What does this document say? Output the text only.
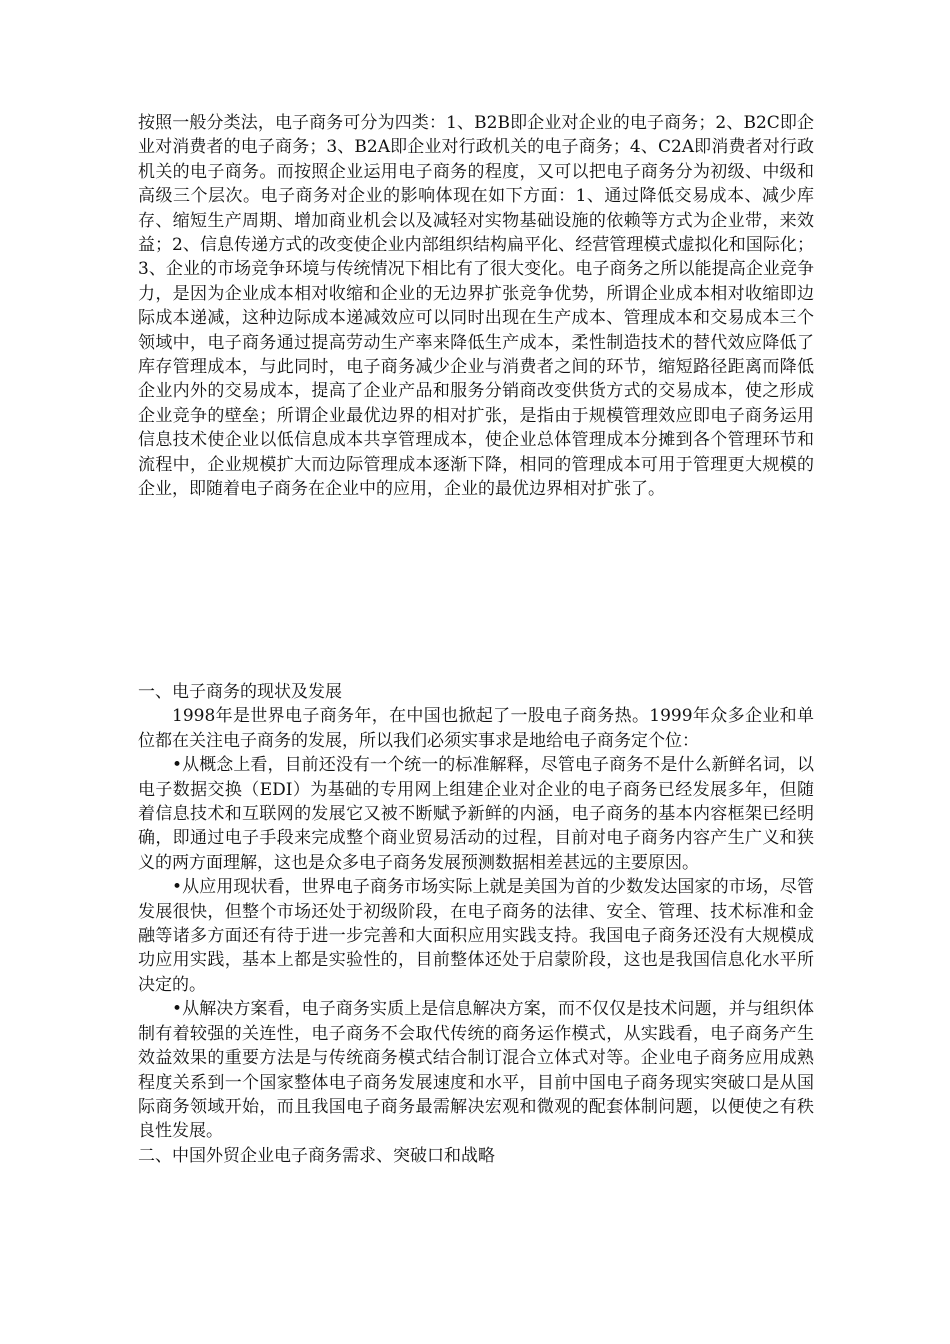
按照一般分类法，电子商务可分为四类：1、B2B即企业对企业的电子商务；2、B2C即企业对消费者的电子商务；3、B2A即企业对行政机关的电子商务；4、C2A即消费者对行政机关的电子商务。而按照企业运用电子商务的程度，又可以把电子商务分为初级、中级和高级三个层次。电子商务对企业的影响体现在如下方面：1、通过降低交易成本、减少库存、缩短生产周期、增加商业机会以及减轻对实物基础设施的依赖等方式为企业带，来效益；2、信息传递方式的改变使企业内部组织结构扁平化、经营管理模式虚拟化和国际化；3、企业的市场竞争环境与传统情况下相比有了很大变化。电子商务之所以能提高企业竞争力，是因为企业成本相对收缩和企业的无边界扩张竞争优势，所谓企业成本相对收缩即边际成本递减，这种边际成本递减效应可以同时出现在生产成本、管理成本和交易成本三个领域中，电子商务通过提高劳动生产率来降低生产成本，柔性制造技术的替代效应降低了库存管理成本，与此同时，电子商务减少企业与消费者之间的环节，缩短路径距离而降低企业内外的交易成本，提高了企业产品和服务分销商改变供货方式的交易成本，使之形成企业竞争的壁垒；所谓企业最优边界的相对扩张，是指由于规模管理效应即电子商务运用信息技术使企业以低信息成本共享管理成本，使企业总体管理成本分摊到各个管理环节和流程中，企业规模扩大而边际管理成本逐渐下降，相同的管理成本可用于管理更大规模的企业，即随着电子商务在企业中的应用，企业的最优边界相对扩张了。

一、电子商务的现状及发展

1998年是世界电子商务年，在中国也掀起了一股电子商务热。1999年众多企业和单位都在关注电子商务的发展，所以我们必须实事求是地给电子商务定个位：

•从概念上看，目前还没有一个统一的标准解释，尽管电子商务不是什么新鲜名词，以电子数据交换（EDI）为基础的专用网上组建企业对企业的电子商务已经发展多年，但随着信息技术和互联网的发展它又被不断赋予新鲜的内涵，电子商务的基本内容框架已经明确，即通过电子手段来完成整个商业贸易活动的过程，目前对电子商务内容产生广义和狭义的两方面理解，这也是众多电子商务发展预测数据相差甚远的主要原因。

•从应用现状看，世界电子商务市场实际上就是美国为首的少数发达国家的市场，尽管发展很快，但整个市场还处于初级阶段，在电子商务的法律、安全、管理、技术标准和金融等诸多方面还有待于进一步完善和大面积应用实践支持。我国电子商务还没有大规模成功应用实践，基本上都是实验性的，目前整体还处于启蒙阶段，这也是我国信息化水平所决定的。

•从解决方案看，电子商务实质上是信息解决方案，而不仅仅是技术问题，并与组织体制有着较强的关连性，电子商务不会取代传统的商务运作模式，从实践看，电子商务产生效益效果的重要方法是与传统商务模式结合制订混合立体式对等。企业电子商务应用成熟程度关系到一个国家整体电子商务发展速度和水平，目前中国电子商务现实突破口是从国际商务领域开始，而且我国电子商务最需解决宏观和微观的配套体制问题，以便使之有秩良性发展。

二、中国外贸企业电子商务需求、突破口和战略
